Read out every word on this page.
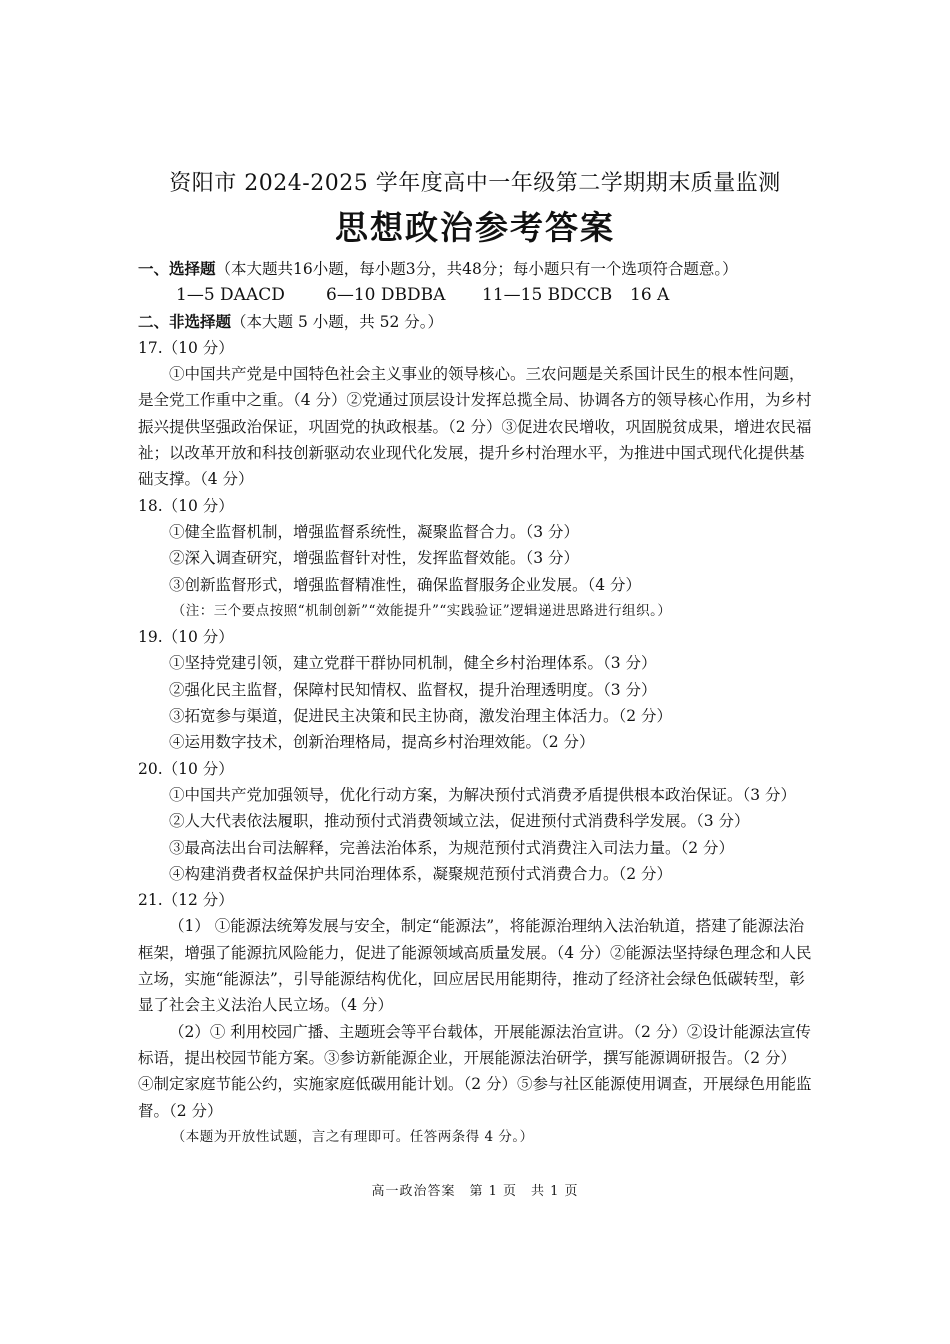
资阳市 2024-2025 学年度高中一年级第二学期期末质量监测
思想政治参考答案

一、选择题（本大题共16小题，每小题3分，共48分；每小题只有一个选项符合题意。）

1—5 DAACD 6—10 DBDBA 11—15 BDCCB 16 A

二、非选择题（本大题 5 小题，共 52 分。）

17.（10 分）

①中国共产党是中国特色社会主义事业的领导核心。三农问题是关系国计民生的根本性问题，是全党工作重中之重。（4 分）②党通过顶层设计发挥总揽全局、协调各方的领导核心作用，为乡村振兴提供坚强政治保证，巩固党的执政根基。（2 分）③促进农民增收，巩固脱贫成果，增进农民福祉；以改革开放和科技创新驱动农业现代化发展，提升乡村治理水平，为推进中国式现代化提供基础支撑。（4 分）

18.（10 分）

①健全监督机制，增强监督系统性，凝聚监督合力。（3 分）

②深入调查研究，增强监督针对性，发挥监督效能。（3 分）

③创新监督形式，增强监督精准性，确保监督服务企业发展。（4 分）

（注：三个要点按照“机制创新”“效能提升”“实践验证”逻辑递进思路进行组织。）

19.（10 分）

①坚持党建引领，建立党群干群协同机制，健全乡村治理体系。（3 分）

②强化民主监督，保障村民知情权、监督权，提升治理透明度。（3 分）

③拓宽参与渠道，促进民主决策和民主协商，激发治理主体活力。（2 分）

④运用数字技术，创新治理格局，提高乡村治理效能。（2 分）

20.（10 分）

①中国共产党加强领导，优化行动方案，为解决预付式消费矛盾提供根本政治保证。（3 分）

②人大代表依法履职，推动预付式消费领域立法，促进预付式消费科学发展。（3 分）

③最高法出台司法解释，完善法治体系，为规范预付式消费注入司法力量。（2 分）

④构建消费者权益保护共同治理体系，凝聚规范预付式消费合力。（2 分）

21.（12 分）

（1） ①能源法统筹发展与安全，制定“能源法”，将能源治理纳入法治轨道，搭建了能源法治框架，增强了能源抗风险能力，促进了能源领域高质量发展。（4 分）②能源法坚持绿色理念和人民立场，实施“能源法”，引导能源结构优化，回应居民用能期待，推动了经济社会绿色低碳转型，彰显了社会主义法治人民立场。（4 分）

（2）① 利用校园广播、主题班会等平台载体，开展能源法治宣讲。（2 分）②设计能源法宣传标语，提出校园节能方案。③参访新能源企业，开展能源法治研学，撰写能源调研报告。（2 分） ④制定家庭节能公约，实施家庭低碳用能计划。（2 分）⑤参与社区能源使用调查，开展绿色用能监督。（2 分）

（本题为开放性试题，言之有理即可。任答两条得 4 分。）

高一政治答案　第 1 页　共 1 页
